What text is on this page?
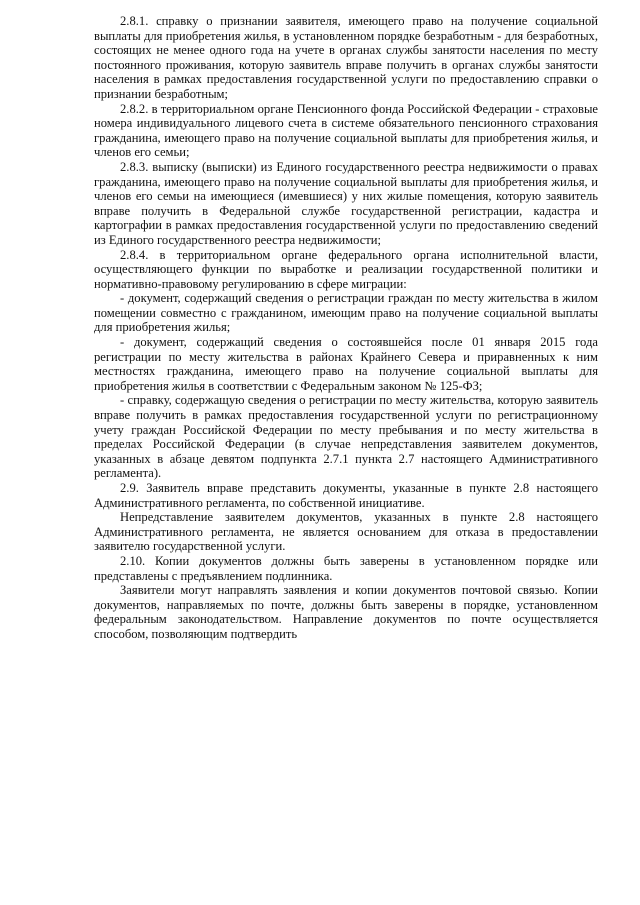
2.8.1. справку о признании заявителя, имеющего право на получение социальной выплаты для приобретения жилья, в установленном порядке безработным - для безработных, состоящих не менее одного года на учете в органах службы занятости населения по месту постоянного проживания, которую заявитель вправе получить в органах службы занятости населения в рамках предоставления государственной услуги по предоставлению справки о признании безработным;

2.8.2. в территориальном органе Пенсионного фонда Российской Федерации - страховые номера индивидуального лицевого счета в системе обязательного пенсионного страхования гражданина, имеющего право на получение социальной выплаты для приобретения жилья, и членов его семьи;

2.8.3. выписку (выписки) из Единого государственного реестра недвижимости о правах гражданина, имеющего право на получение социальной выплаты для приобретения жилья, и членов его семьи на имеющиеся (имевшиеся) у них жилые помещения, которую заявитель вправе получить в Федеральной службе государственной регистрации, кадастра и картографии в рамках предоставления государственной услуги по предоставлению сведений из Единого государственного реестра недвижимости;

2.8.4. в территориальном органе федерального органа исполнительной власти, осуществляющего функции по выработке и реализации государственной политики и нормативно-правовому регулированию в сфере миграции:

- документ, содержащий сведения о регистрации граждан по месту жительства в жилом помещении совместно с гражданином, имеющим право на получение социальной выплаты для приобретения жилья;

- документ, содержащий сведения о состоявшейся после 01 января 2015 года регистрации по месту жительства в районах Крайнего Севера и приравненных к ним местностях гражданина, имеющего право на получение социальной выплаты для приобретения жилья в соответствии с Федеральным законом № 125-ФЗ;

- справку, содержащую сведения о регистрации по месту жительства, которую заявитель вправе получить в рамках предоставления государственной услуги по регистрационному учету граждан Российской Федерации по месту пребывания и по месту жительства в пределах Российской Федерации (в случае непредставления заявителем документов, указанных в абзаце девятом подпункта 2.7.1 пункта 2.7 настоящего Административного регламента).

2.9. Заявитель вправе представить документы, указанные в пункте 2.8 настоящего Административного регламента, по собственной инициативе.

Непредставление заявителем документов, указанных в пункте 2.8 настоящего Административного регламента, не является основанием для отказа в предоставлении заявителю государственной услуги.

2.10. Копии документов должны быть заверены в установленном порядке или представлены с предъявлением подлинника.

Заявители могут направлять заявления и копии документов почтовой связью. Копии документов, направляемых по почте, должны быть заверены в порядке, установленном федеральным законодательством. Направление документов по почте осуществляется способом, позволяющим подтвердить
